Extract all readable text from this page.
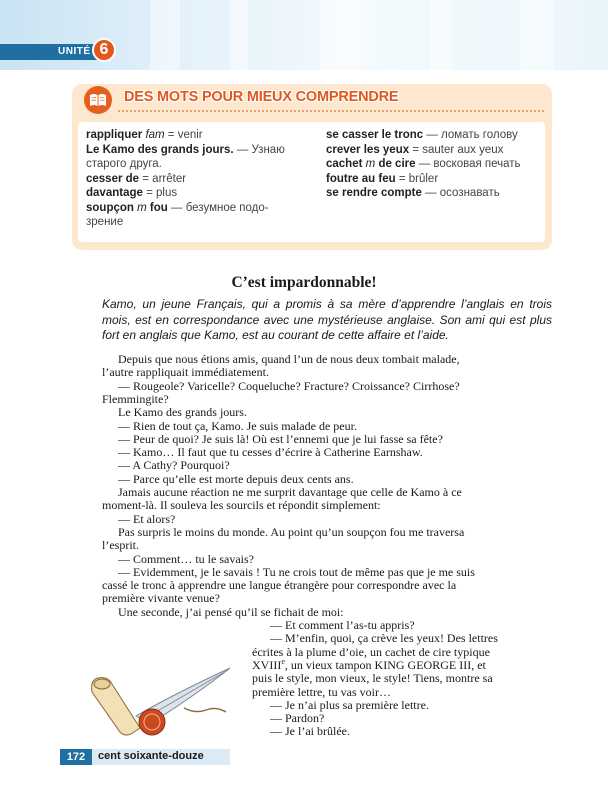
UNITÉ 6
DES MOTS POUR MIEUX COMPRENDRE
rappliquer fam = venir
Le Kamo des grands jours. — Узнаю
старого друга.
cesser de = arrêter
davantage = plus
soupçon m fou — безумное подо-
зрение
se casser le tronc — ломать голову
crever les yeux = sauter aux yeux
cachet m de cire — восковая печать
foutre au feu = brûler
se rendre compte — осознавать
C’est impardonnable!
Kamo, un jeune Français, qui a promis à sa mère d’apprendre l’anglais en trois mois, est en correspondance avec une mystérieuse anglaise. Son ami qui est plus fort en anglais que Kamo, est au courant de cette affaire et l’aide.
Depuis que nous étions amis, quand l’un de nous deux tombait malade,
l’autre rappliquait immédiatement.
— Rougeole? Varicelle? Coqueluche? Fracture? Croissance? Cirrhose?
Flemmingite?
Le Kamo des grands jours.
— Rien de tout ça, Kamo. Je suis malade de peur.
— Peur de quoi? Je suis là! Où est l’ennemi que je lui fasse sa fête?
— Kamo… Il faut que tu cesses d’écrire à Catherine Earnshaw.
— A Cathy? Pourquoi?
— Parce qu’elle est morte depuis deux cents ans.
Jamais aucune réaction ne me surprit davantage que celle de Kamo à ce
moment-là. Il souleva les sourcils et répondit simplement:
— Et alors?
Pas surpris le moins du monde. Au point qu’un soupçon fou me traversa
l’esprit.
— Comment… tu le savais?
— Evidemment, je le savais ! Tu ne crois tout de même pas que je me suis
cassé le tronc à apprendre une langue étrangère pour correspondre avec la
première vivante venue?
Une seconde, j’ai pensé qu’il se fichait de moi:
— Et comment l’as-tu appris?
— M’enfin, quoi, ça crève les yeux! Des lettres
écrites à la plume d’oie, un cachet de cire typique
XVIIIe, un vieux tampon KING GEORGE III, et
puis le style, mon vieux, le style! Tiens, montre sa
première lettre, tu vas voir…
— Je n’ai plus sa première lettre.
— Pardon?
— Je l’ai brûlée.
172	cent soixante-douze
